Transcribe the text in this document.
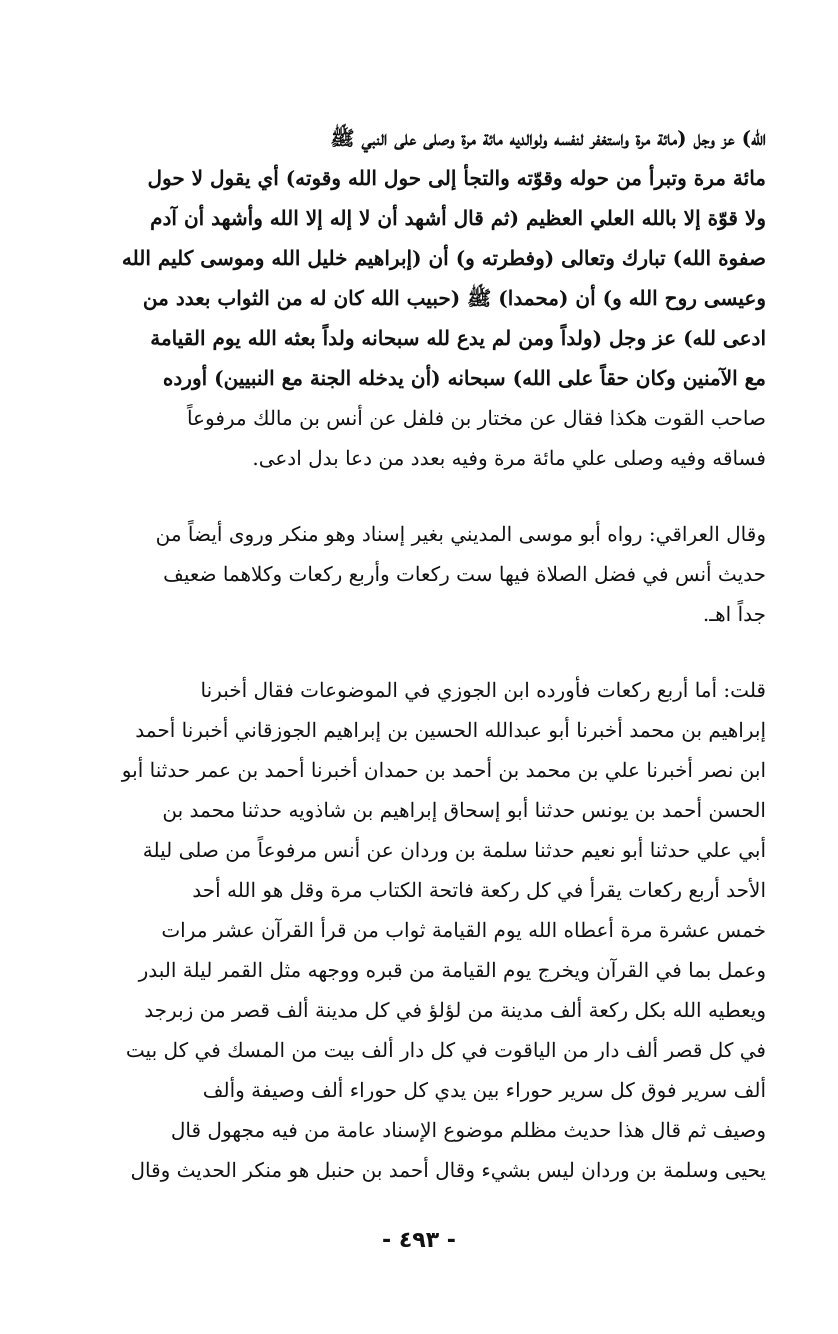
الله) عز وجل (مائة مرة واستغفر لنفسه ولوالديه مائة مرة وصلى على النبي ﷺ
مائة مرة وتبرأ من حوله وقوّته والتجأ إلى حول الله وقوته) أي يقول لا حول
ولا قوّة إلا بالله العلي العظيم (ثم قال أشهد أن لا إله إلا الله وأشهد أن آدم
صفوة الله) تبارك وتعالى (وفطرته و) أن (إبراهيم خليل الله وموسى كليم الله
وعيسى روح الله و) أن (محمدا) ﷺ (حبيب الله كان له من الثواب بعدد من
ادعى لله) عز وجل (ولداً ومن لم يدع لله سبحانه ولداً بعثه الله يوم القيامة
مع الآمنين وكان حقاً على الله) سبحانه (أن يدخله الجنة مع النبيين) أورده
صاحب القوت هكذا فقال عن مختار بن فلفل عن أنس بن مالك مرفوعاً
فساقه وفيه وصلى علي مائة مرة وفيه بعدد من دعا بدل ادعى.
وقال العراقي: رواه أبو موسى المديني بغير إسناد وهو منكر وروى أيضاً من
حديث أنس في فضل الصلاة فيها ست ركعات وأربع ركعات وكلاهما ضعيف
جداً اهـ.
قلت: أما أربع ركعات فأورده ابن الجوزي في الموضوعات فقال أخبرنا
إبراهيم بن محمد أخبرنا أبو عبدالله الحسين بن إبراهيم الجوزقاني أخبرنا أحمد
ابن نصر أخبرنا علي بن محمد بن أحمد بن حمدان أخبرنا أحمد بن عمر حدثنا أبو
الحسن أحمد بن يونس حدثنا أبو إسحاق إبراهيم بن شاذويه حدثنا محمد بن
أبي علي حدثنا أبو نعيم حدثنا سلمة بن وردان عن أنس مرفوعاً من صلى ليلة
الأحد أربع ركعات يقرأ في كل ركعة فاتحة الكتاب مرة وقل هو الله أحد
خمس عشرة مرة أعطاه الله يوم القيامة ثواب من قرأ القرآن عشر مرات
وعمل بما في القرآن ويخرج يوم القيامة من قبره ووجهه مثل القمر ليلة البدر
ويعطيه الله بكل ركعة ألف مدينة من لؤلؤ في كل مدينة ألف قصر من زبرجد
في كل قصر ألف دار من الياقوت في كل دار ألف بيت من المسك في كل بيت
ألف سرير فوق كل سرير حوراء بين يدي كل حوراء ألف وصيفة وألف
وصيف ثم قال هذا حديث مظلم موضوع الإسناد عامة من فيه مجهول قال
يحيى وسلمة بن وردان ليس بشيء وقال أحمد بن حنبل هو منكر الحديث وقال
- ٤٩٣ -
